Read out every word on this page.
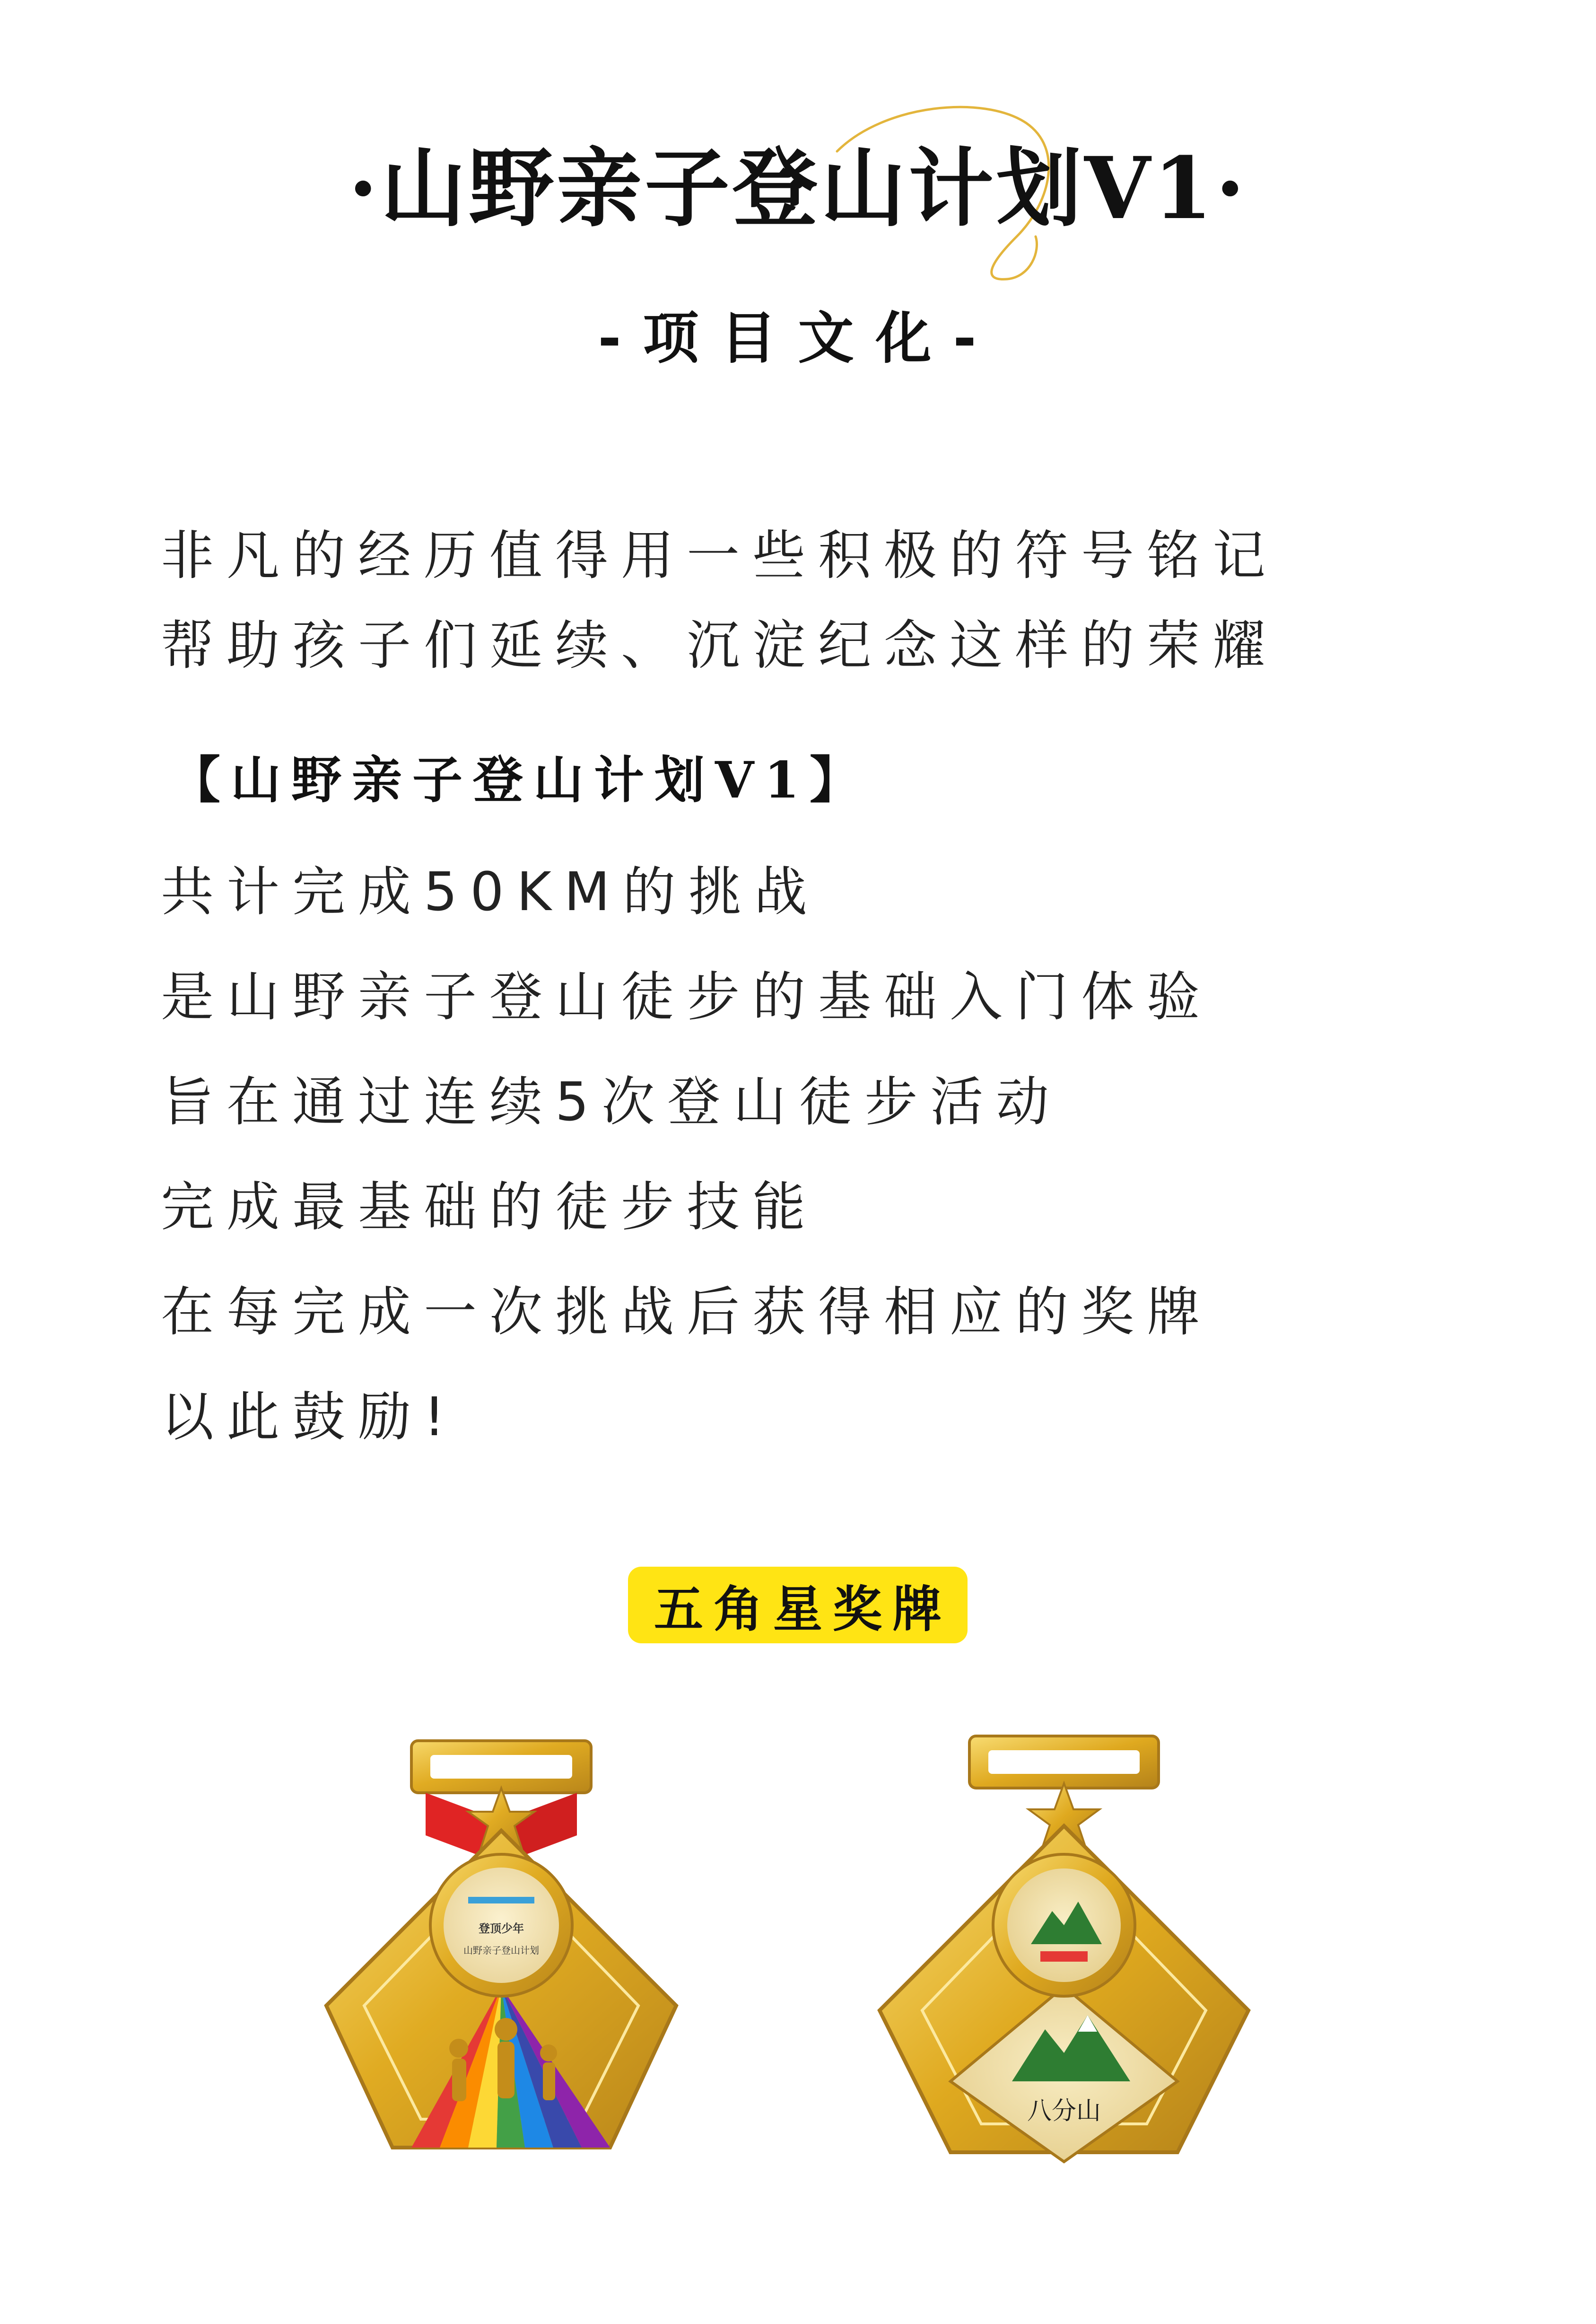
·山野亲子登山计划V1·
-项目文化-
非凡的经历值得用一些积极的符号铭记
帮助孩子们延续、沉淀纪念这样的荣耀
【山野亲子登山计划V1】
共计完成50KM的挑战
是山野亲子登山徒步的基础入门体验
旨在通过连续5次登山徒步活动
完成最基础的徒步技能
在每完成一次挑战后获得相应的奖牌
以此鼓励!
五角星奖牌
登顶少年
山野亲子登山计划
八分山
